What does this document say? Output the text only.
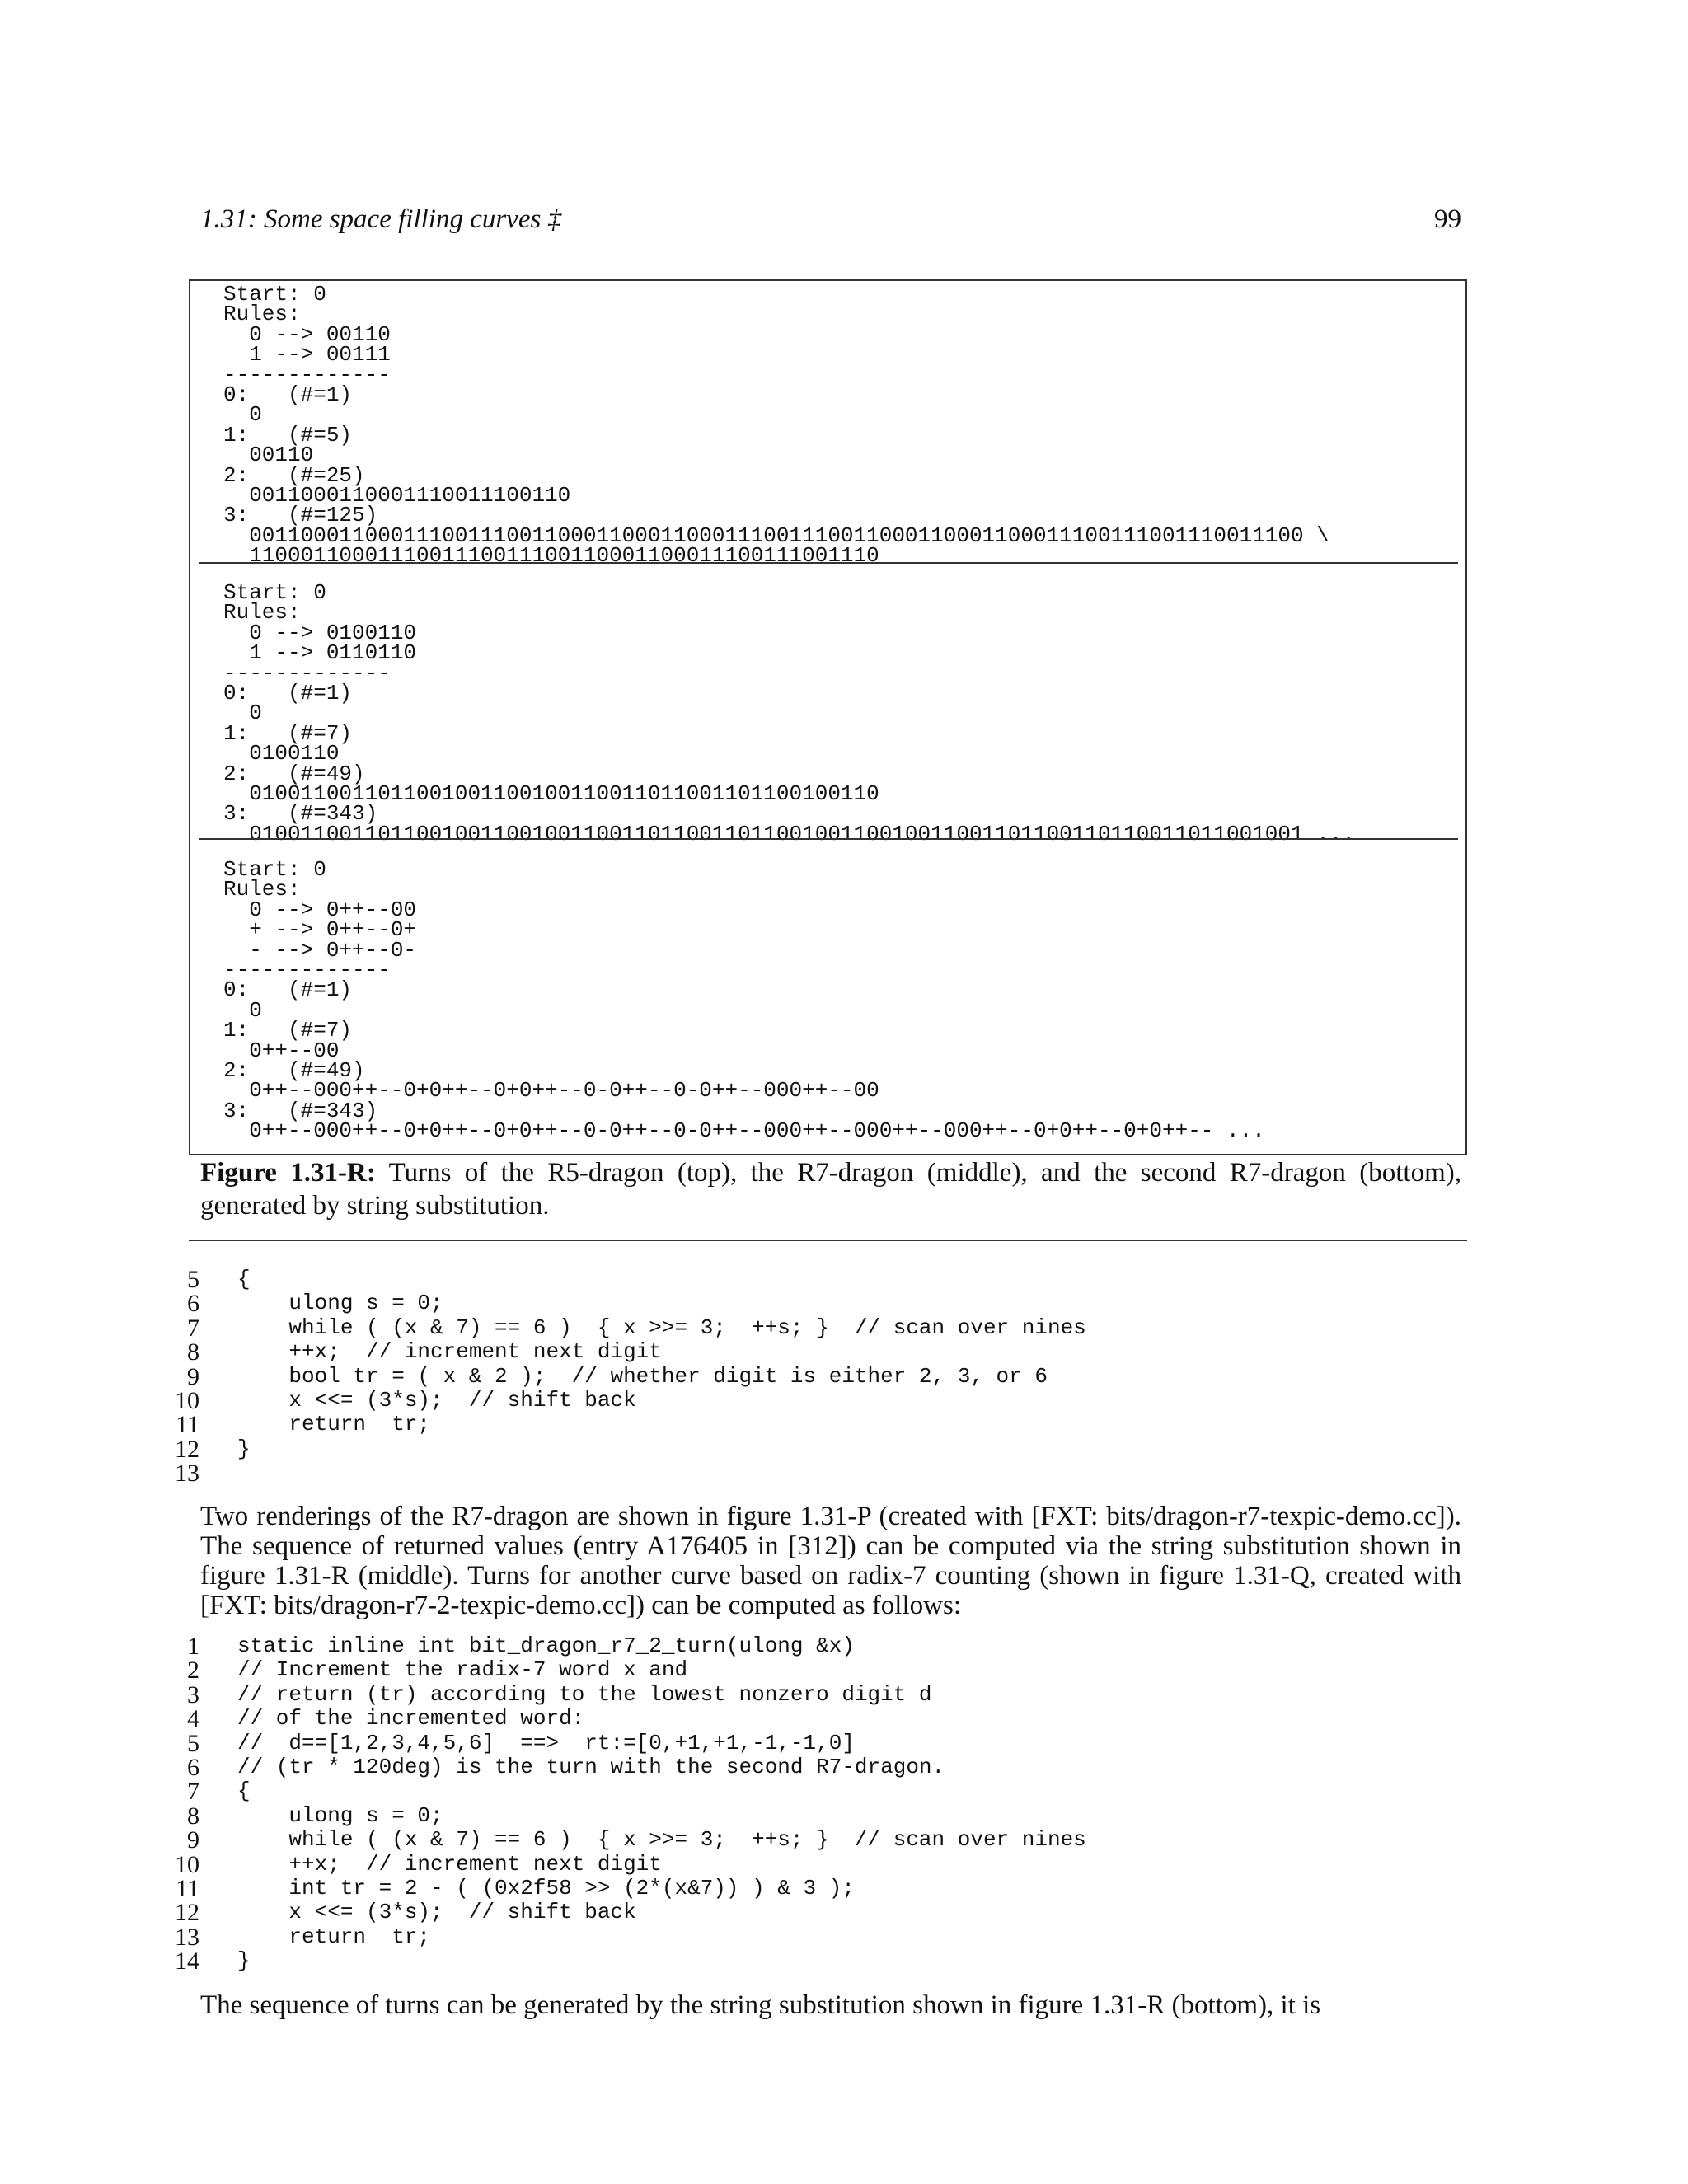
1.31: Some space filling curves ‡	99
Start: 0
Rules:
0 --> 00110
1 --> 00111
-------------
0:   (#=1)
0
1:   (#=5)
00110
2:   (#=25)
0011000110001110011100110
3:   (#=125)
0011000110001110011100110001100011000111001110011000110001100011100111001110011100 \
1100011000111001110011100110001100011100111001110
Start: 0
Rules:
0 --> 0100110
1 --> 0110110
-------------
0:   (#=1)
0
1:   (#=7)
0100110
2:   (#=49)
0100110011011001001100100110011011001101100100110
3:   (#=343)
0100110011011001001100100110011011001101100100110010011001101100110110011011001001 ...
Start: 0
Rules:
0 --> 0++--00
+ --> 0++--0+
- --> 0++--0-
-------------
0:   (#=1)
0
1:   (#=7)
0++--00
2:   (#=49)
0++--000++--0+0++--0+0++--0-0++--0-0++--000++--00
3:   (#=343)
0++--000++--0+0++--0+0++--0-0++--0-0++--000++--000++--000++--0+0++--0+0++-- ...
Figure 1.31-R: Turns of the R5-dragon (top), the R7-dragon (middle), and the second R7-dragon (bottom), generated by string substitution.
5 {
6 ulong s = 0;
7 while ( (x & 7) == 6 )  { x >>= 3;  ++s; }  // scan over nines
8 ++x;  // increment next digit
9 bool tr = ( x & 2 );  // whether digit is either 2, 3, or 6
10 x <<= (3*s);  // shift back
11 return  tr;
12 }
13
Two renderings of the R7-dragon are shown in figure 1.31-P (created with [FXT: bits/dragon-r7-texpic-demo.cc]). The sequence of returned values (entry A176405 in [312]) can be computed via the string substitution shown in figure 1.31-R (middle). Turns for another curve based on radix-7 counting (shown in figure 1.31-Q, created with [FXT: bits/dragon-r7-2-texpic-demo.cc]) can be computed as follows:
1 static inline int bit_dragon_r7_2_turn(ulong &x)
2 // Increment the radix-7 word x and
3 // return (tr) according to the lowest nonzero digit d
4 // of the incremented word:
5 //  d==[1,2,3,4,5,6]  ==>  rt:=[0,+1,+1,-1,-1,0]
6 // (tr * 120deg) is the turn with the second R7-dragon.
7 {
8 ulong s = 0;
9 while ( (x & 7) == 6 )  { x >>= 3;  ++s; }  // scan over nines
10 ++x;  // increment next digit
11 int tr = 2 - ( (0x2f58 >> (2*(x&7)) ) & 3 );
12 x <<= (3*s);  // shift back
13 return  tr;
14 }
The sequence of turns can be generated by the string substitution shown in figure 1.31-R (bottom), it is
